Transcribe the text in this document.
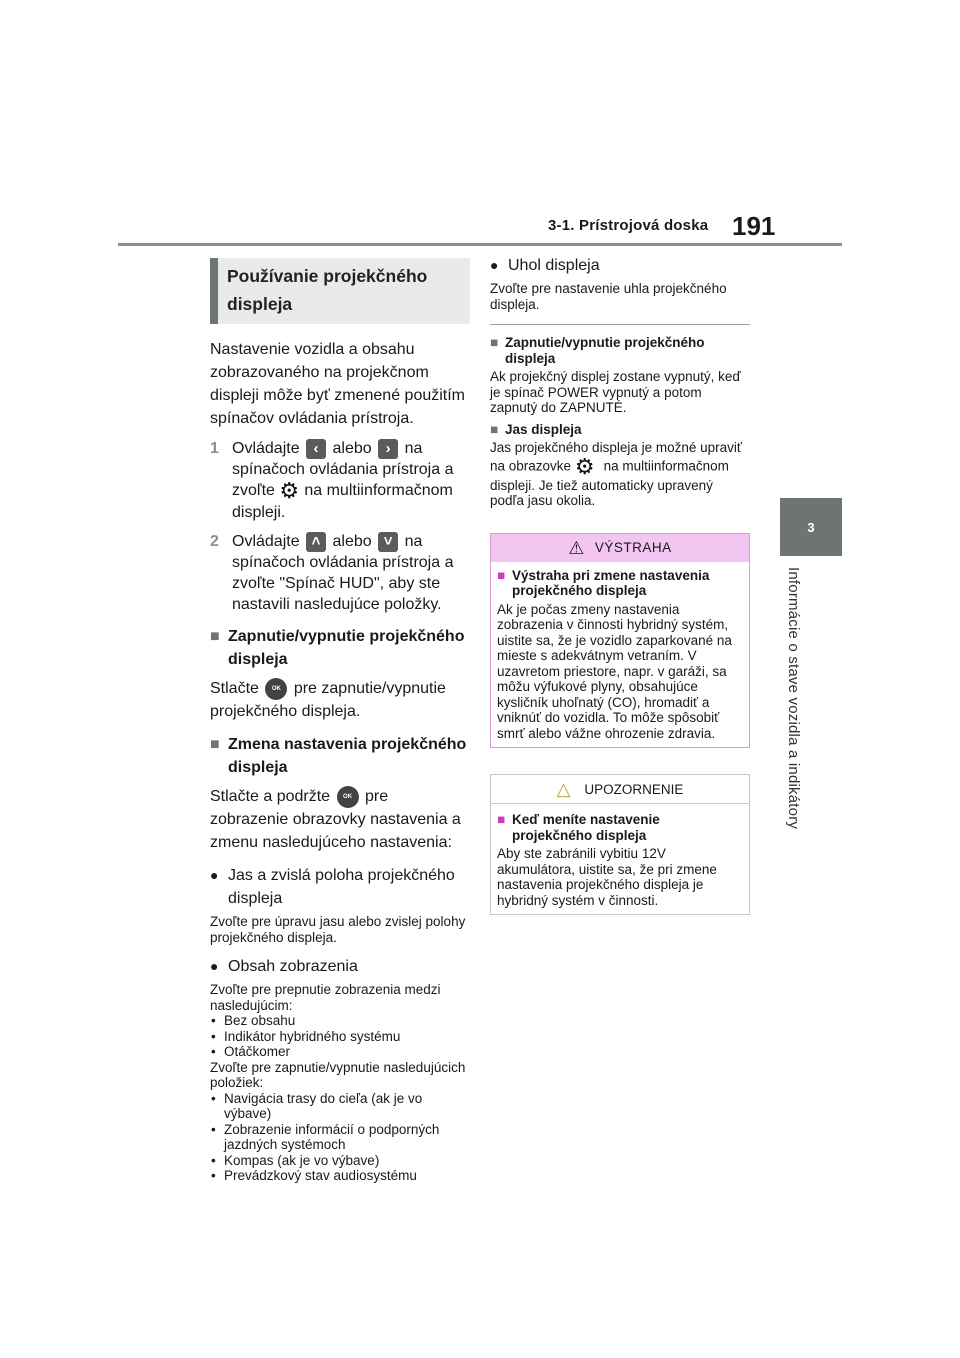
3-1. Prístrojová doska 191
3
Informácie o stave vozidla a indikátory
Používanie projekčného displeja

Nastavenie vozidla a obsahu zobrazovaného na projekčnom displeji môže byť zmenené použitím spínačov ovládania prístroja.

1 Ovládajte ‹ alebo › na spínačoch ovládania prístroja a zvoľte ⚙ na multiinformačnom displeji.
2 Ovládajte ˄ alebo ˅ na spínačoch ovládania prístroja a zvoľte "Spínač HUD", aby ste nastavili nasledujúce položky.
■ Zapnutie/vypnutie projekčného displeja

Stlačte OK pre zapnutie/vypnutie projekčného displeja.

■ Zmena nastavenia projekčného displeja

Stlačte a podržte OK pre zobrazenie obrazovky nastavenia a zmenu nasledujúceho nastavenia:

● Jas a zvislá poloha projekčného displeja

Zvoľte pre úpravu jasu alebo zvislej polohy projekčného displeja.

● Obsah zobrazenia

Zvoľte pre prepnutie zobrazenia medzi nasledujúcim:

• Bez obsahu
• Indikátor hybridného systému
• Otáčkomer

Zvoľte pre zapnutie/vypnutie nasledujúcich položiek:

• Navigácia trasy do cieľa (ak je vo výbave)
• Zobrazenie informácií o podporných jazdných systémoch
• Kompas (ak je vo výbave)
• Prevádzkový stav audiosystému
● Uhol displeja

Zvoľte pre nastavenie uhla projekčného displeja.

■ Zapnutie/vypnutie projekčného displeja

Ak projekčný displej zostane vypnutý, keď je spínač POWER vypnutý a potom zapnutý do ZAPNUTÉ.

■ Jas displeja

Jas projekčného displeja je možné upraviť na obrazovke ⚙ na multiinformačnom displeji. Je tiež automaticky upravený podľa jasu okolia.

⚠ VÝSTRAHA
■ Výstraha pri zmene nastavenia projekčného displeja

Ak je počas zmeny nastavenia zobrazenia v činnosti hybridný systém, uistite sa, že je vozidlo zaparkované na mieste s adekvátnym vetraním. V uzavretom priestore, napr. v garáži, sa môžu výfukové plyny, obsahujúce kysličník uhoľnatý (CO), hromadiť a vniknúť do vozidla. To môže spôsobiť smrť alebo vážne ohrozenie zdravia.

△ UPOZORNENIE
■ Keď meníte nastavenie projekčného displeja

Aby ste zabránili vybitiu 12V akumulátora, uistite sa, že pri zmene nastavenia projekčného displeja je hybridný systém v činnosti.
